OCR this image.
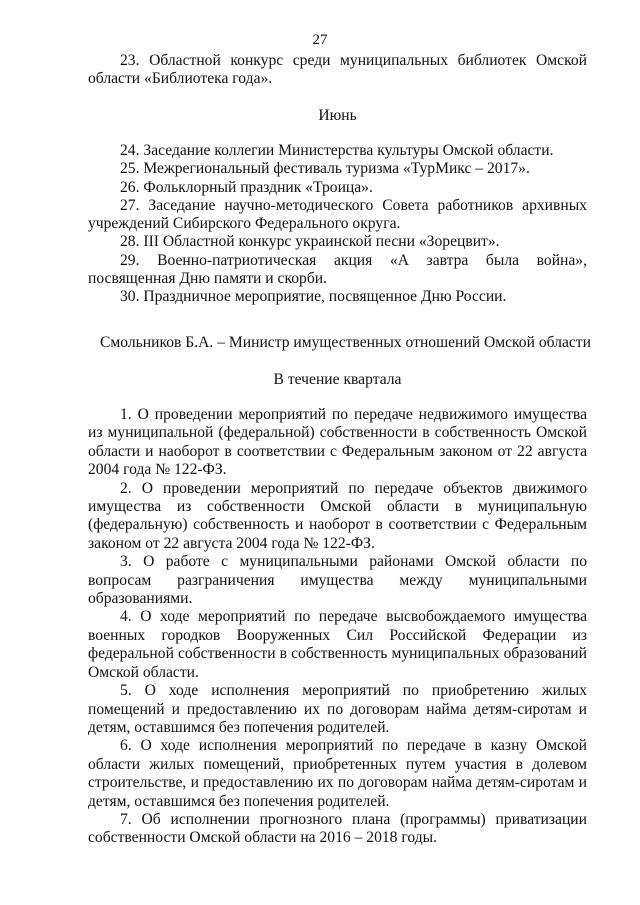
27

23. Областной конкурс среди муниципальных библиотек Омской области «Библиотека года».

Июнь

24. Заседание коллегии Министерства культуры Омской области.

25. Межрегиональный фестиваль туризма «ТурМикс – 2017».

26. Фольклорный праздник «Троица».

27. Заседание научно-методического Совета работников архивных учреждений Сибирского Федерального округа.

28. III Областной конкурс украинской песни «Зорецвит».

29. Военно-патриотическая акция «А завтра была война», посвященная Дню памяти и скорби.

30. Праздничное мероприятие, посвященное Дню России.

Смольников Б.А. – Министр имущественных отношений Омской области

В течение квартала

1. О проведении мероприятий по передаче недвижимого имущества из муниципальной (федеральной) собственности в собственность Омской области и наоборот в соответствии с Федеральным законом от 22 августа 2004 года № 122-ФЗ.

2. О проведении мероприятий по передаче объектов движимого имущества из собственности Омской области в муниципальную (федеральную) собственность и наоборот в соответствии с Федеральным законом от 22 августа 2004 года № 122-ФЗ.

3. О работе с муниципальными районами Омской области по вопросам разграничения имущества между муниципальными образованиями.

4. О ходе мероприятий по передаче высвобождаемого имущества военных городков Вооруженных Сил Российской Федерации из федеральной собственности в собственность муниципальных образований Омской области.

5. О ходе исполнения мероприятий по приобретению жилых помещений и предоставлению их по договорам найма детям-сиротам и детям, оставшимся без попечения родителей.

6. О ходе исполнения мероприятий по передаче в казну Омской области жилых помещений, приобретенных путем участия в долевом строительстве, и предоставлению их по договорам найма детям-сиротам и детям, оставшимся без попечения родителей.

7. Об исполнении прогнозного плана (программы) приватизации собственности Омской области на 2016 – 2018 годы.
